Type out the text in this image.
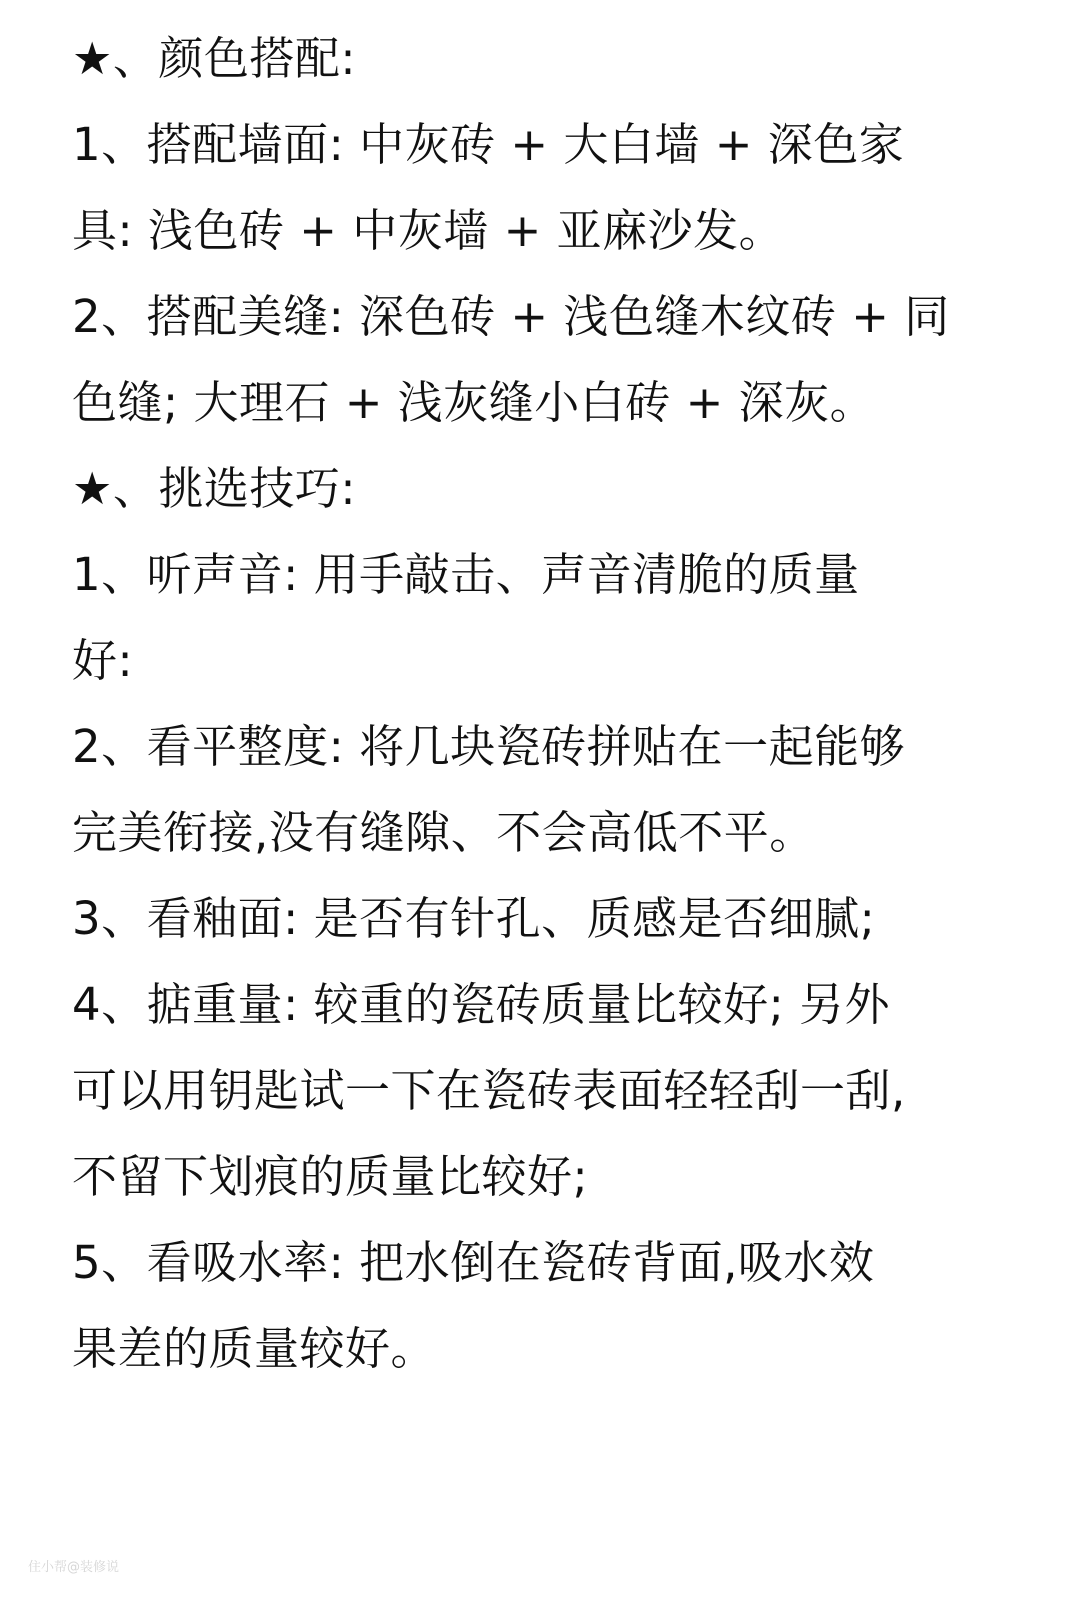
★、颜色搭配:
1、搭配墙面: 中灰砖 + 大白墙 + 深色家
具: 浅色砖 + 中灰墙 + 亚麻沙发。
2、搭配美缝: 深色砖 + 浅色缝木纹砖 + 同
色缝; 大理石 + 浅灰缝小白砖 + 深灰。
★、挑选技巧:
1、听声音: 用手敲击、声音清脆的质量
好:
2、看平整度: 将几块瓷砖拼贴在一起能够
完美衔接,没有缝隙、不会高低不平。
3、看釉面: 是否有针孔、质感是否细腻;
4、掂重量: 较重的瓷砖质量比较好; 另外
可以用钥匙试一下在瓷砖表面轻轻刮一刮,
不留下划痕的质量比较好;
5、看吸水率: 把水倒在瓷砖背面,吸水效
果差的质量较好。
住小帮@装修说
